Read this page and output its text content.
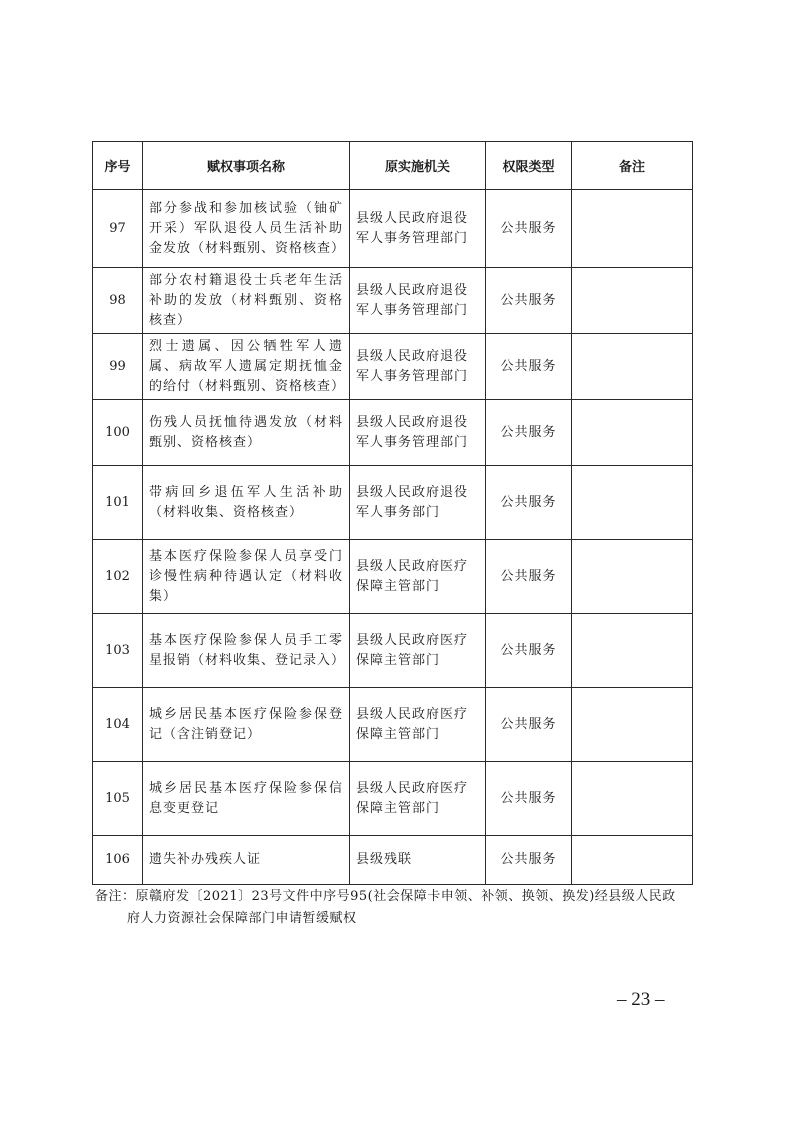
序号	赋权事项名称	原实施机关	权限类型	备注
97	部分参战和参加核试验（铀矿开采）军队退役人员生活补助金发放（材料甄别、资格核查）	县级人民政府退役军人事务管理部门	公共服务	
98	部分农村籍退役士兵老年生活补助的发放（材料甄别、资格核查）	县级人民政府退役军人事务管理部门	公共服务	
99	烈士遗属、因公牺牲军人遗属、病故军人遗属定期抚恤金的给付（材料甄别、资格核查）	县级人民政府退役军人事务管理部门	公共服务	
100	伤残人员抚恤待遇发放（材料甄别、资格核查）	县级人民政府退役军人事务管理部门	公共服务	
101	带病回乡退伍军人生活补助（材料收集、资格核查）	县级人民政府退役军人事务部门	公共服务	
102	基本医疗保险参保人员享受门诊慢性病种待遇认定（材料收集）	县级人民政府医疗保障主管部门	公共服务	
103	基本医疗保险参保人员手工零星报销（材料收集、登记录入）	县级人民政府医疗保障主管部门	公共服务	
104	城乡居民基本医疗保险参保登记（含注销登记）	县级人民政府医疗保障主管部门	公共服务	
105	城乡居民基本医疗保险参保信息变更登记	县级人民政府医疗保障主管部门	公共服务	
106	遗失补办残疾人证	县级残联	公共服务	
备注：原赣府发〔2021〕23号文件中序号95(社会保障卡申领、补领、换领、换发)经县级人民政
府人力资源社会保障部门申请暂缓赋权
– 23 –
